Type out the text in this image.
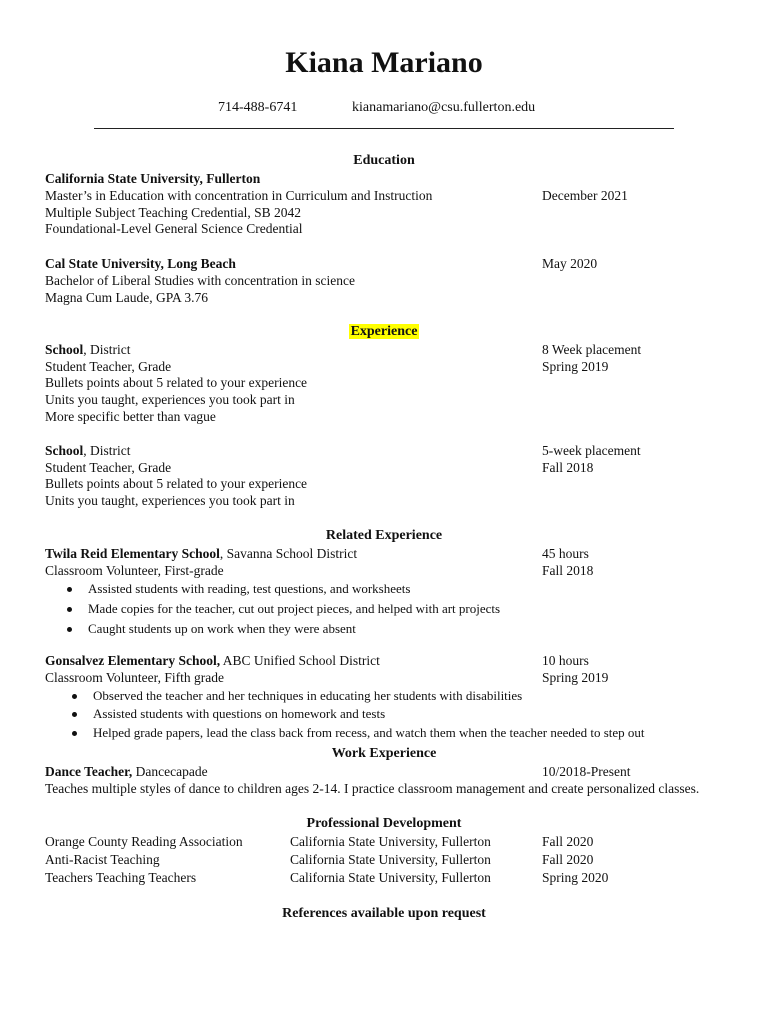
Kiana Mariano
714-488-6741	kianamariano@csu.fullerton.edu
Education
California State University, Fullerton
Master’s in Education with concentration in Curriculum and Instruction	December 2021
Multiple Subject Teaching Credential, SB 2042
Foundational-Level General Science Credential
Cal State University, Long Beach	May 2020
Bachelor of Liberal Studies with concentration in science
Magna Cum Laude, GPA 3.76
Experience
School, District	8 Week placement
Student Teacher, Grade	Spring 2019
Bullets points about 5 related to your experience
Units you taught, experiences you took part in
More specific better than vague
School, District	5-week placement
Student Teacher, Grade	Fall 2018
Bullets points about 5 related to your experience
Units you taught, experiences you took part in
Related Experience
Twila Reid Elementary School, Savanna School District	45 hours
Classroom Volunteer, First-grade	Fall 2018
Assisted students with reading, test questions, and worksheets
Made copies for the teacher, cut out project pieces, and helped with art projects
Caught students up on work when they were absent
Gonsalvez Elementary School, ABC Unified School District	10 hours
Classroom Volunteer, Fifth grade	Spring 2019
Observed the teacher and her techniques in educating her students with disabilities
Assisted students with questions on homework and tests
Helped grade papers, lead the class back from recess, and watch them when the teacher needed to step out
Work Experience
Dance Teacher, Dancecapade	10/2018-Present
Teaches multiple styles of dance to children ages 2-14. I practice classroom management and create personalized classes.
Professional Development
Orange County Reading Association	California State University, Fullerton	Fall 2020
Anti-Racist Teaching	California State University, Fullerton	Fall 2020
Teachers Teaching Teachers	California State University, Fullerton	Spring 2020
References available upon request
